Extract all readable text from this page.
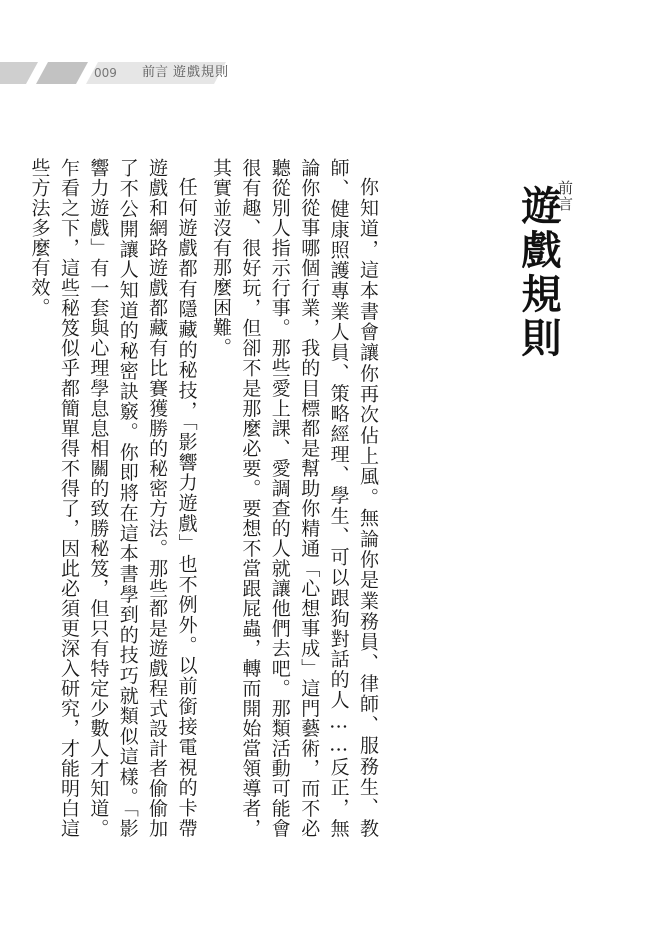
009 前言 遊戲規則
前言
遊戲規則

你知道，這本書會讓你再次佔上風。無論你是業務員、律師、服務生、教師、健康照護專業人員、策略經理、學生、可以跟狗對話的人……反正，無論你從事哪個行業，我的目標都是幫助你精通「心想事成」這門藝術，而不必聽從別人指示行事。那些愛上課、愛調查的人就讓他們去吧。那類活動可能會很有趣、很好玩，但卻不是那麼必要。要想不當跟屁蟲，轉而開始當領導者，其實並沒有那麼困難。

任何遊戲都有隱藏的秘技，「影響力遊戲」也不例外。以前銜接電視的卡帶遊戲和網路遊戲都藏有比賽獲勝的秘密方法。那些都是遊戲程式設計者偷偷加了不公開讓人知道的秘密訣竅。你即將在這本書學到的技巧就類似這樣。「影響力遊戲」有一套與心理學息息相關的致勝秘笈，但只有特定少數人才知道。乍看之下，這些秘笈似乎都簡單得不得了，因此必須更深入研究，才能明白這些方法多麼有效。
